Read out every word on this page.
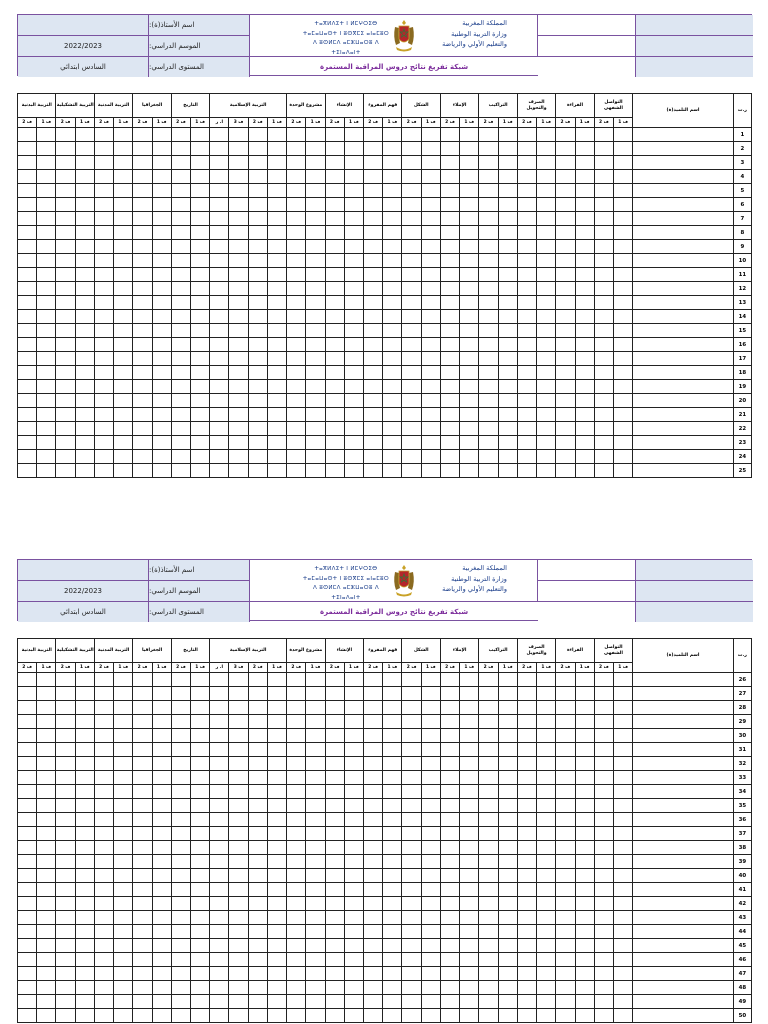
اسم الأستاذ(ة):
الموسم الدراسي:
المستوى الدراسي:
2022/2023
السادس ابتدائي
المملكة المغربية
وزارة التربية الوطنية
والتعليم الأولي والرياضة
ⵜⴰⴳⵍⴷⵉⵜ ⵏ ⵍⵎⵖⵔⵉⴱ
ⵜⴰⵎⴰⵡⴰⵙⵜ ⵏ ⵓⵙⴳⵎⵉ ⴰⵏⴰⵎⵓⵔ
ⴷ ⵓⵙⵍⵎⴷ ⴰⵎⵣⵡⴰⵔⵓ ⴷ ⵜⵉⵏⴰⴷⴰⵏⵜ
شبكة تفريغ نتائج دروس المراقبة المستمرة
التربية البدنية		التربية التشكيلية		التربية المدنية		الجغرافيا		التاريخ		التربية الإسلامية				مشروع الوحدة		الإنشاء		فهم المقروء		الشكل		الإملاء		التراكيب		الصرف والتحويل		القراءة		التواصل الشفهي		اسم التلميذ(ة)	ر.ت
ف 2	ف 1	ف 2	ف 1	ف 2	ف 1	ف 2	ف 1	ف 2	ف 1	ا. ر	ف 3	ف 2	ف 1	ف 2	ف 1	ف 2	ف 1	ف 2	ف 1	ف 2	ف 1	ف 2	ف 1	ف 2	ف 1	ف 2	ف 1	ف 2	ف 1	ف 2	ف 1		
																																	1
																																	2
																																	3
																																	4
																																	5
																																	6
																																	7
																																	8
																																	9
																																	10
																																	11
																																	12
																																	13
																																	14
																																	15
																																	16
																																	17
																																	18
																																	19
																																	20
																																	21
																																	22
																																	23
																																	24
																																	25
اسم الأستاذ(ة):
الموسم الدراسي:
المستوى الدراسي:
2022/2023
السادس ابتدائي
المملكة المغربية
وزارة التربية الوطنية
والتعليم الأولي والرياضة
ⵜⴰⴳⵍⴷⵉⵜ ⵏ ⵍⵎⵖⵔⵉⴱ
ⵜⴰⵎⴰⵡⴰⵙⵜ ⵏ ⵓⵙⴳⵎⵉ ⴰⵏⴰⵎⵓⵔ
ⴷ ⵓⵙⵍⵎⴷ ⴰⵎⵣⵡⴰⵔⵓ ⴷ ⵜⵉⵏⴰⴷⴰⵏⵜ
شبكة تفريغ نتائج دروس المراقبة المستمرة
التربية البدنية		التربية التشكيلية		التربية المدنية		الجغرافيا		التاريخ		التربية الإسلامية				مشروع الوحدة		الإنشاء		فهم المقروء		الشكل		الإملاء		التراكيب		الصرف والتحويل		القراءة		التواصل الشفهي		اسم التلميذ(ة)	ر.ت
ف 2	ف 1	ف 2	ف 1	ف 2	ف 1	ف 2	ف 1	ف 2	ف 1	ا. ر	ف 3	ف 2	ف 1	ف 2	ف 1	ف 2	ف 1	ف 2	ف 1	ف 2	ف 1	ف 2	ف 1	ف 2	ف 1	ف 2	ف 1	ف 2	ف 1	ف 2	ف 1		
																																	26
																																	27
																																	28
																																	29
																																	30
																																	31
																																	32
																																	33
																																	34
																																	35
																																	36
																																	37
																																	38
																																	39
																																	40
																																	41
																																	42
																																	43
																																	44
																																	45
																																	46
																																	47
																																	48
																																	49
																																	50
